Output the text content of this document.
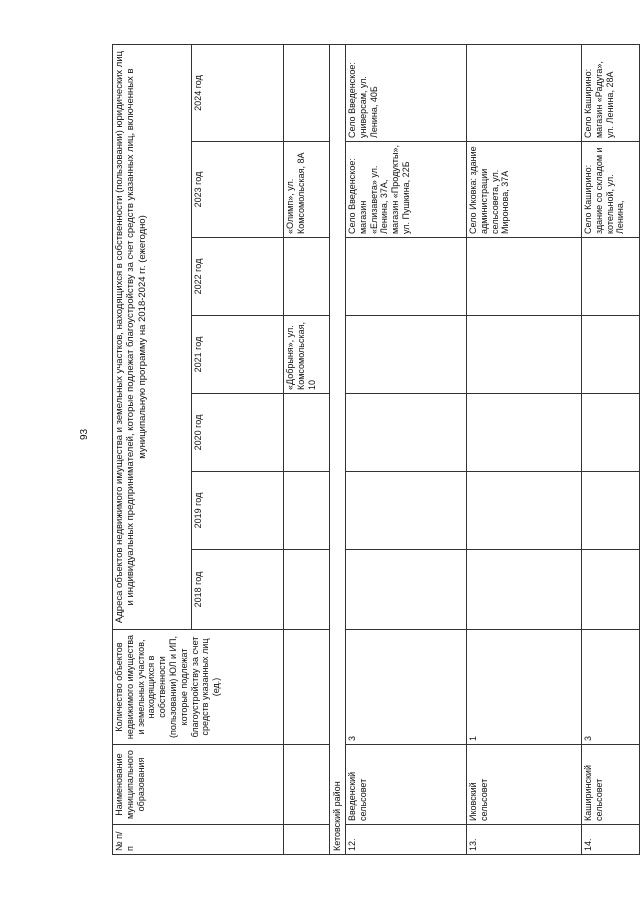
93
№ п/п	Наименование муниципального образования	Количество объектов недвижимого имущества и земельных участков, находящихся в собственности (пользовании) ЮЛ и ИП, которые подлежат благоустройству за счет средств указанных лиц (ед.)	Адреса объектов недвижимого имущества и земельных участков, находящихся в собственности (пользовании) юридических лиц и индивидуальных предпринимателей, которые подлежат благоустройству за счет средств указанных лиц, включенных в муниципальную программу на 2018-2024 гг. (ежегодно)						
			2018 год	2019 год	2020 год	2021 год	2022 год	2023 год	2024 год
						«Добрыня», ул. Комсомольская, 10		«Олимп», ул. Комсомольская, 8А	
Кетовский район									
12.	Введенский сельсовет	3						Село Введенское: магазин «Елизавета» ул. Ленина, 37А, магазин «Продукты», ул. Пушкина, 22Б	Село Введенское: универсам, ул. Ленина, 40Б
13.	Иковский сельсовет	1						Село Иковка: здание администрации сельсовета, ул. Миронова, 37А	
14.	Каширинский сельсовет	3						Село Каширино: здание со складом и котельной, ул. Ленина,	Село Каширино: магазин «Радуга», ул. Ленина, 28А
